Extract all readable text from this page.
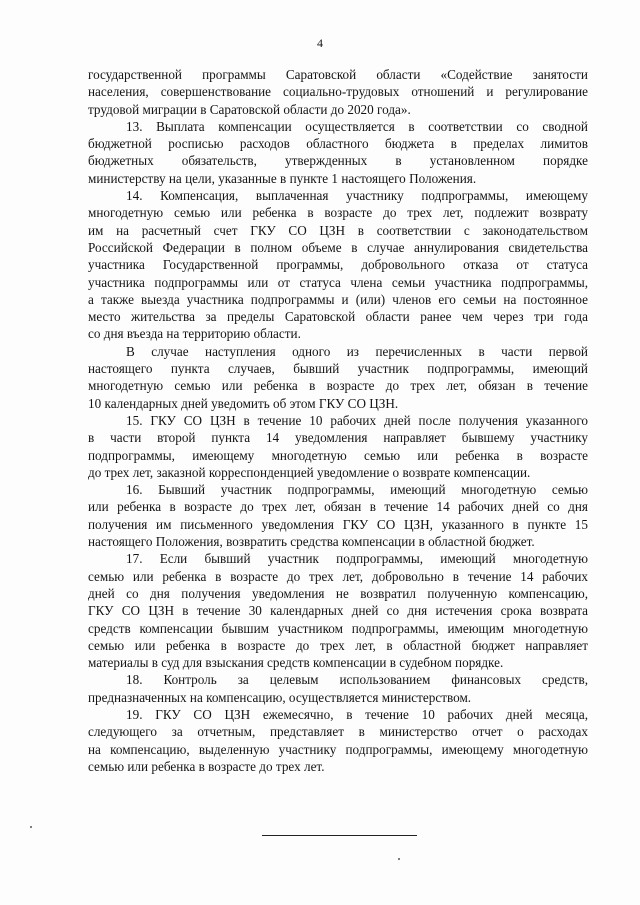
4
государственной программы Саратовской области «Содействие занятости
населения, совершенствование социально-трудовых отношений и регулирование
трудовой миграции в Саратовской области до 2020 года».
13. Выплата компенсации осуществляется в соответствии со сводной
бюджетной росписью расходов областного бюджета в пределах лимитов
бюджетных обязательств, утвержденных в установленном порядке
министерству на цели, указанные в пункте 1 настоящего Положения.
14. Компенсация, выплаченная участнику подпрограммы, имеющему
многодетную семью или ребенка в возрасте до трех лет, подлежит возврату
им на расчетный счет ГКУ СО ЦЗН в соответствии с законодательством
Российской Федерации в полном объеме в случае аннулирования свидетельства
участника Государственной программы, добровольного отказа от статуса
участника подпрограммы или от статуса члена семьи участника подпрограммы,
а также выезда участника подпрограммы и (или) членов его семьи на постоянное
место жительства за пределы Саратовской области ранее чем через три года
со дня въезда на территорию области.
В случае наступления одного из перечисленных в части первой
настоящего пункта случаев, бывший участник подпрограммы, имеющий
многодетную семью или ребенка в возрасте до трех лет, обязан в течение
10 календарных дней уведомить об этом ГКУ СО ЦЗН.
15. ГКУ СО ЦЗН в течение 10 рабочих дней после получения указанного
в части второй пункта 14 уведомления направляет бывшему участнику
подпрограммы, имеющему многодетную семью или ребенка в возрасте
до трех лет, заказной корреспонденцией уведомление о возврате компенсации.
16. Бывший участник подпрограммы, имеющий многодетную семью
или ребенка в возрасте до трех лет, обязан в течение 14 рабочих дней со дня
получения им письменного уведомления ГКУ СО ЦЗН, указанного в пункте 15
настоящего Положения, возвратить средства компенсации в областной бюджет.
17. Если бывший участник подпрограммы, имеющий многодетную
семью или ребенка в возрасте до трех лет, добровольно в течение 14 рабочих
дней со дня получения уведомления не возвратил полученную компенсацию,
ГКУ СО ЦЗН в течение 30 календарных дней со дня истечения срока возврата
средств компенсации бывшим участником подпрограммы, имеющим многодетную
семью или ребенка в возрасте до трех лет, в областной бюджет направляет
материалы в суд для взыскания средств компенсации в судебном порядке.
18. Контроль за целевым использованием финансовых средств,
предназначенных на компенсацию, осуществляется министерством.
19. ГКУ СО ЦЗН ежемесячно, в течение 10 рабочих дней месяца,
следующего за отчетным, представляет в министерство отчет о расходах
на компенсацию, выделенную участнику подпрограммы, имеющему многодетную
семью или ребенка в возрасте до трех лет.
